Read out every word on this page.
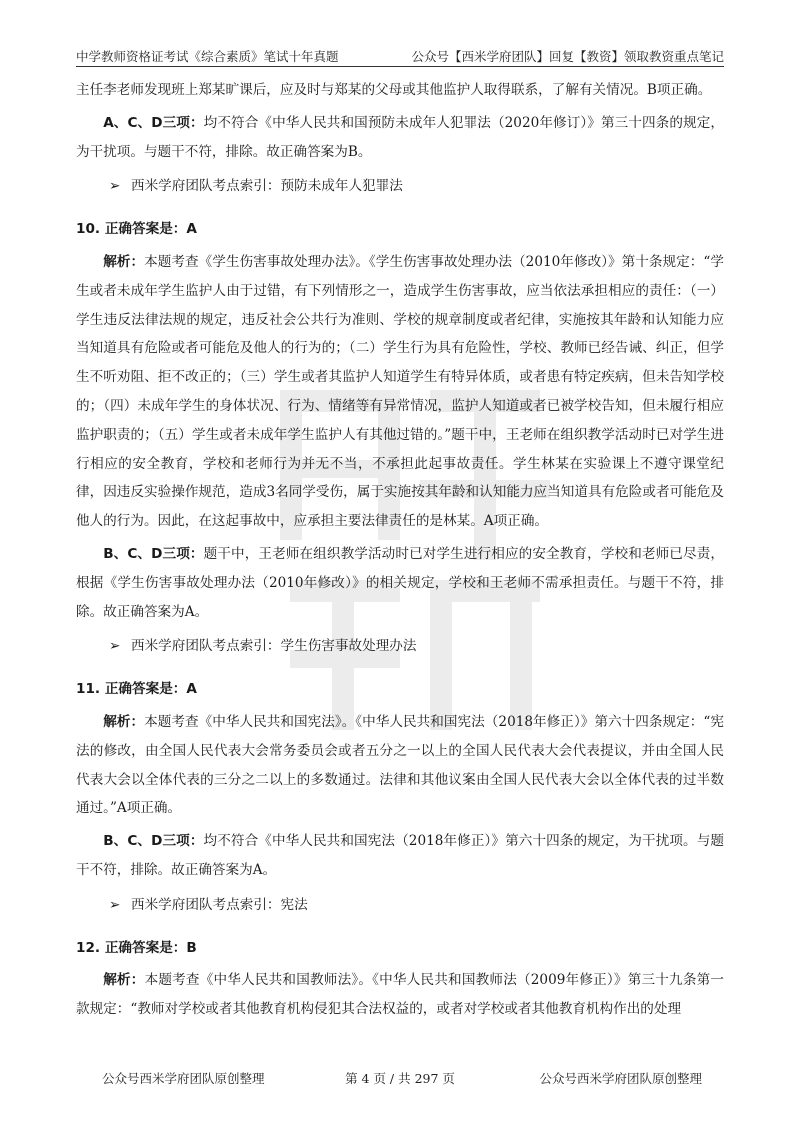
中学教师资格证考试《综合素质》笔试十年真题	公众号【西米学府团队】回复【教资】领取教资重点笔记

主任李老师发现班上郑某旷课后，应及时与郑某的父母或其他监护人取得联系，了解有关情况。B项正确。

A、C、D三项：均不符合《中华人民共和国预防未成年人犯罪法（2020年修订）》第三十四条的规定，为干扰项。与题干不符，排除。故正确答案为B。

➢ 西米学府团队考点索引：预防未成年人犯罪法

10. 正确答案是：A

解析：本题考查《学生伤害事故处理办法》。《学生伤害事故处理办法（2010年修改）》第十条规定：“学生或者未成年学生监护人由于过错，有下列情形之一，造成学生伤害事故，应当依法承担相应的责任：（一）学生违反法律法规的规定，违反社会公共行为准则、学校的规章制度或者纪律，实施按其年龄和认知能力应当知道具有危险或者可能危及他人的行为的；（二）学生行为具有危险性，学校、教师已经告诫、纠正，但学生不听劝阻、拒不改正的；（三）学生或者其监护人知道学生有特异体质，或者患有特定疾病，但未告知学校的；（四）未成年学生的身体状况、行为、情绪等有异常情况，监护人知道或者已被学校告知，但未履行相应监护职责的；（五）学生或者未成年学生监护人有其他过错的。”题干中，王老师在组织教学活动时已对学生进行相应的安全教育，学校和老师行为并无不当，不承担此起事故责任。学生林某在实验课上不遵守课堂纪律，因违反实验操作规范，造成3名同学受伤，属于实施按其年龄和认知能力应当知道具有危险或者可能危及他人的行为。因此，在这起事故中，应承担主要法律责任的是林某。A项正确。

B、C、D三项：题干中，王老师在组织教学活动时已对学生进行相应的安全教育，学校和老师已尽责，根据《学生伤害事故处理办法（2010年修改）》的相关规定，学校和王老师不需承担责任。与题干不符，排除。故正确答案为A。

➢ 西米学府团队考点索引：学生伤害事故处理办法

11. 正确答案是：A

解析：本题考查《中华人民共和国宪法》。《中华人民共和国宪法（2018年修正）》第六十四条规定：“宪法的修改，由全国人民代表大会常务委员会或者五分之一以上的全国人民代表大会代表提议，并由全国人民代表大会以全体代表的三分之二以上的多数通过。法律和其他议案由全国人民代表大会以全体代表的过半数通过。”A项正确。

B、C、D三项：均不符合《中华人民共和国宪法（2018年修正）》第六十四条的规定，为干扰项。与题干不符，排除。故正确答案为A。

➢ 西米学府团队考点索引：宪法

12. 正确答案是：B

解析：本题考查《中华人民共和国教师法》。《中华人民共和国教师法（2009年修正）》第三十九条第一款规定：“教师对学校或者其他教育机构侵犯其合法权益的，或者对学校或者其他教育机构作出的处理

公众号西米学府团队原创整理	第 4 页 / 共 297 页	公众号西米学府团队原创整理
